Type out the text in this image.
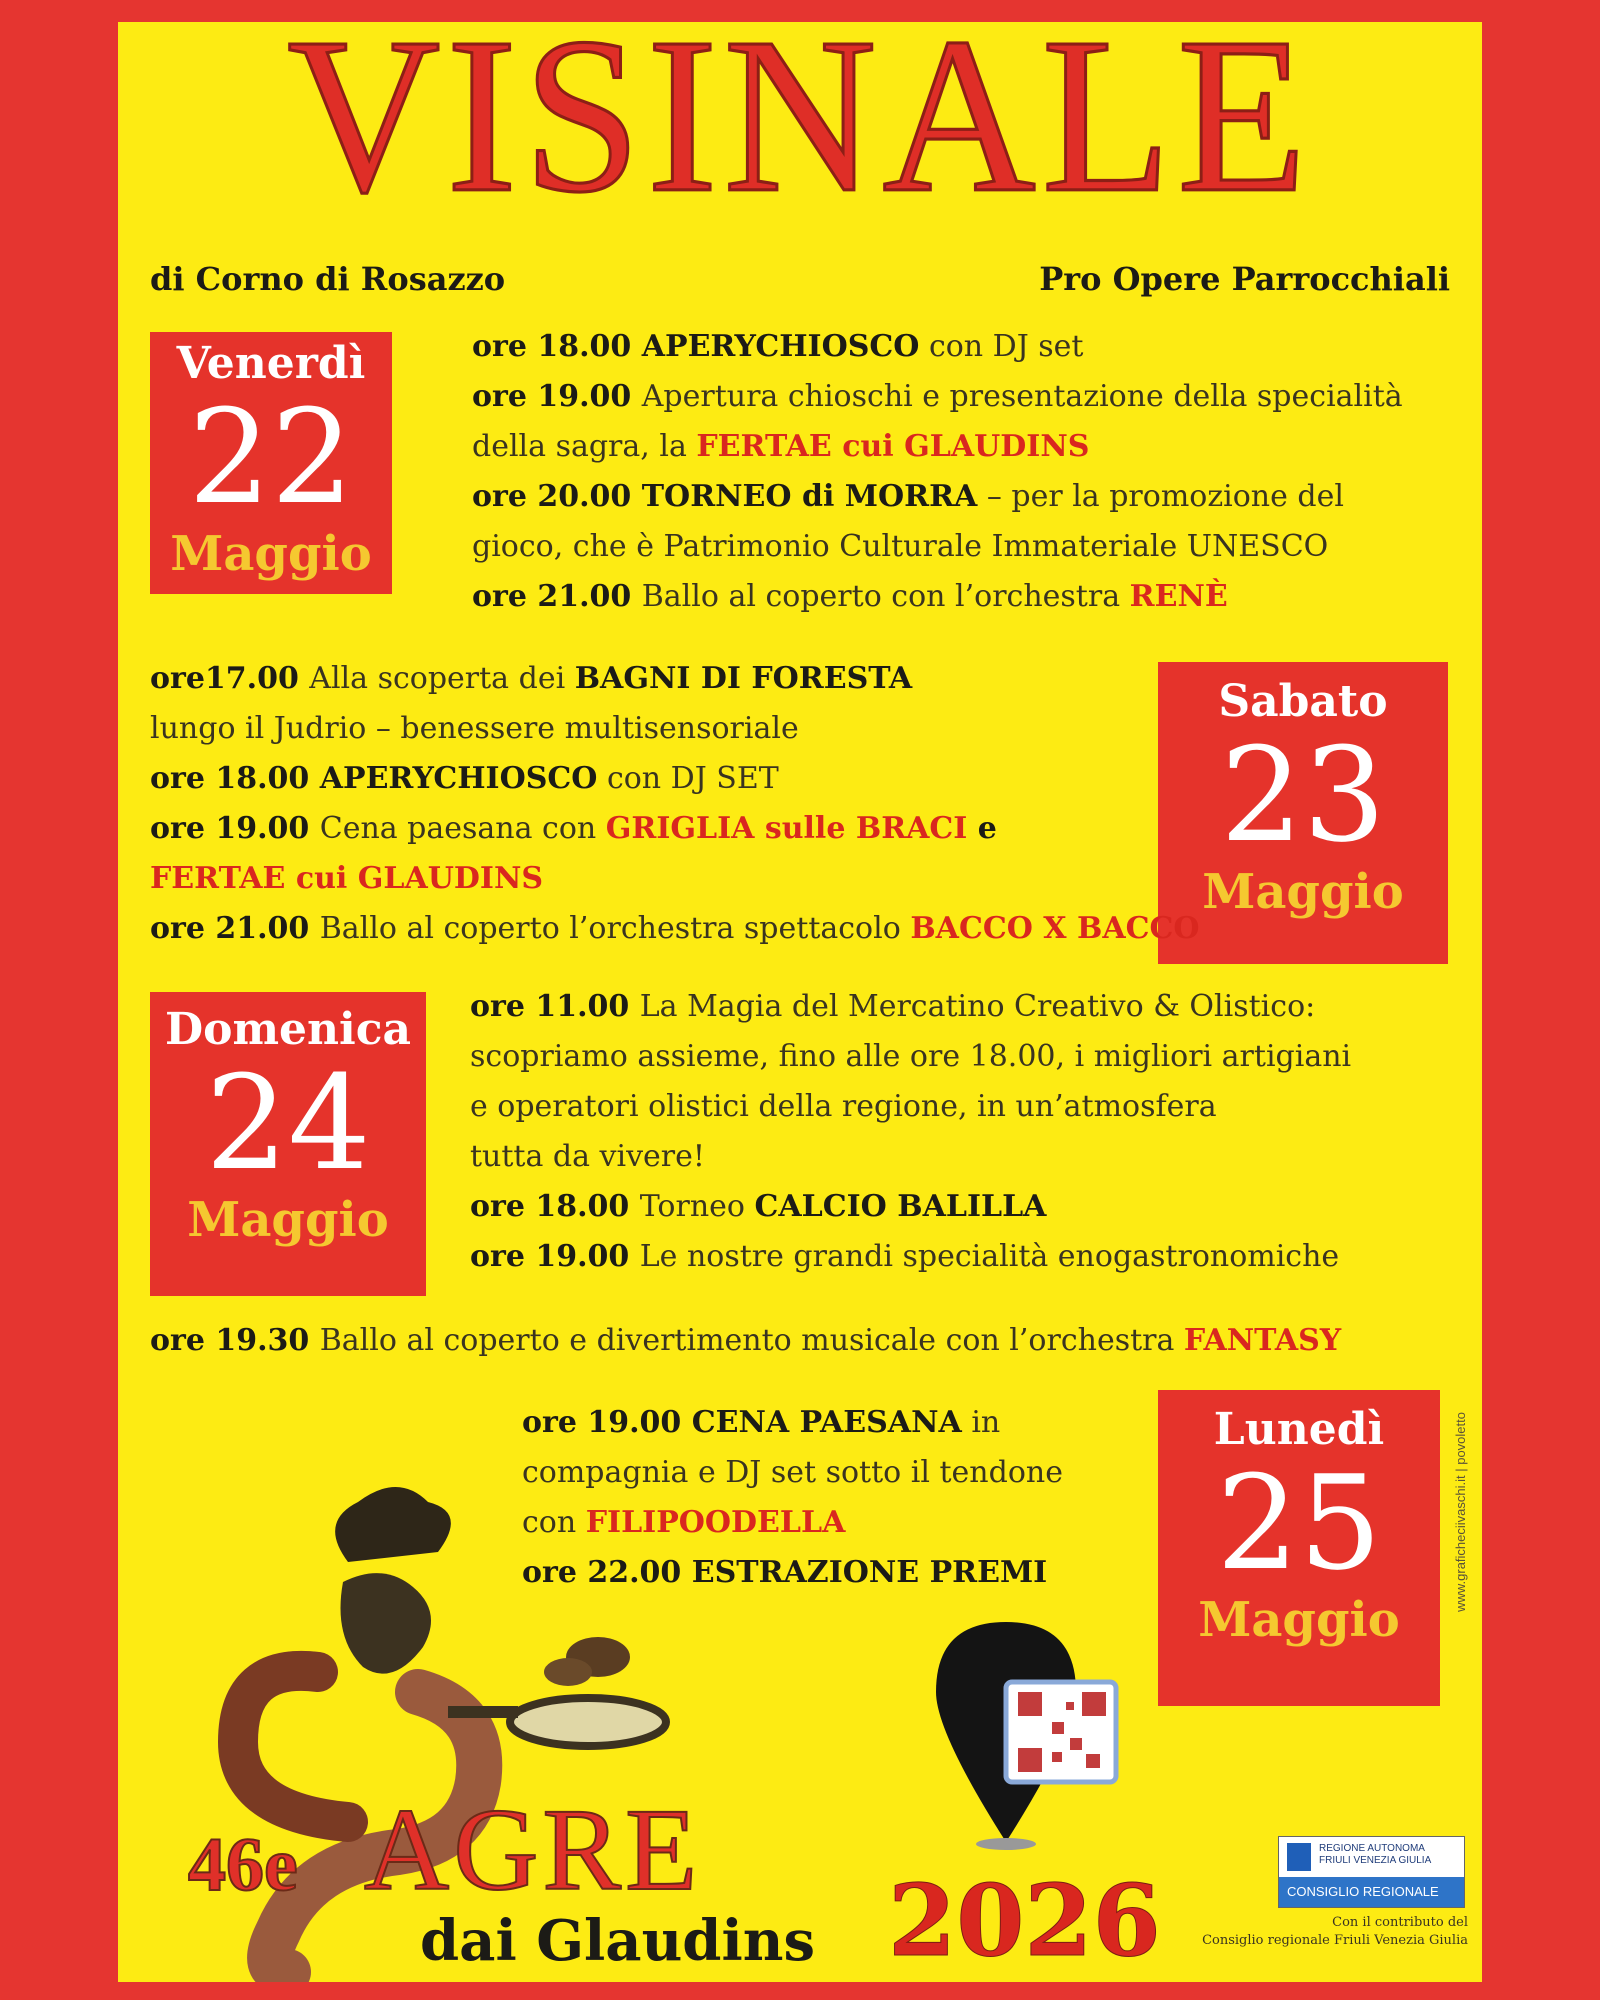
VISINALE
di Corno di Rosazzo	Pro Opere Parrocchiali
Venerdì
22
Maggio

ore 18.00 APERYCHIOSCO con DJ set

ore 19.00 Apertura chioschi e presentazione della specialità

della sagra, la FERTAE cui GLAUDINS

ore 20.00 TORNEO di MORRA – per la promozione del

gioco, che è Patrimonio Culturale Immateriale UNESCO

ore 21.00 Ballo al coperto con l’orchestra RENÈ

Sabato
23
Maggio

ore17.00 Alla scoperta dei BAGNI DI FORESTA

lungo il Judrio – benessere multisensoriale

ore 18.00 APERYCHIOSCO con DJ SET

ore 19.00 Cena paesana con GRIGLIA sulle BRACI e

FERTAE cui GLAUDINS

ore 21.00 Ballo al coperto l’orchestra spettacolo BACCO X BACCO

Domenica
24
Maggio

ore 11.00 La Magia del Mercatino Creativo & Olistico:

scopriamo assieme, fino alle ore 18.00, i migliori artigiani

e operatori olistici della regione, in un’atmosfera

tutta da vivere!

ore 18.00 Torneo CALCIO BALILLA

ore 19.00 Le nostre grandi specialità enogastronomiche

ore 19.30 Ballo al coperto e divertimento musicale con l’orchestra FANTASY

Lunedì
25
Maggio

ore 19.00 CENA PAESANA in

compagnia e DJ set sotto il tendone

con FILIPOODELLA

ore 22.00 ESTRAZIONE PREMI	www.graficheciivaschi.it | povoletto
46e AGRE
dai Glaudins 2026
REGIONE AUTONOMA
FRIULI VENEZIA GIULIA
CONSIGLIO REGIONALE
Con il contributo del
Consiglio regionale Friuli Venezia Giulia
